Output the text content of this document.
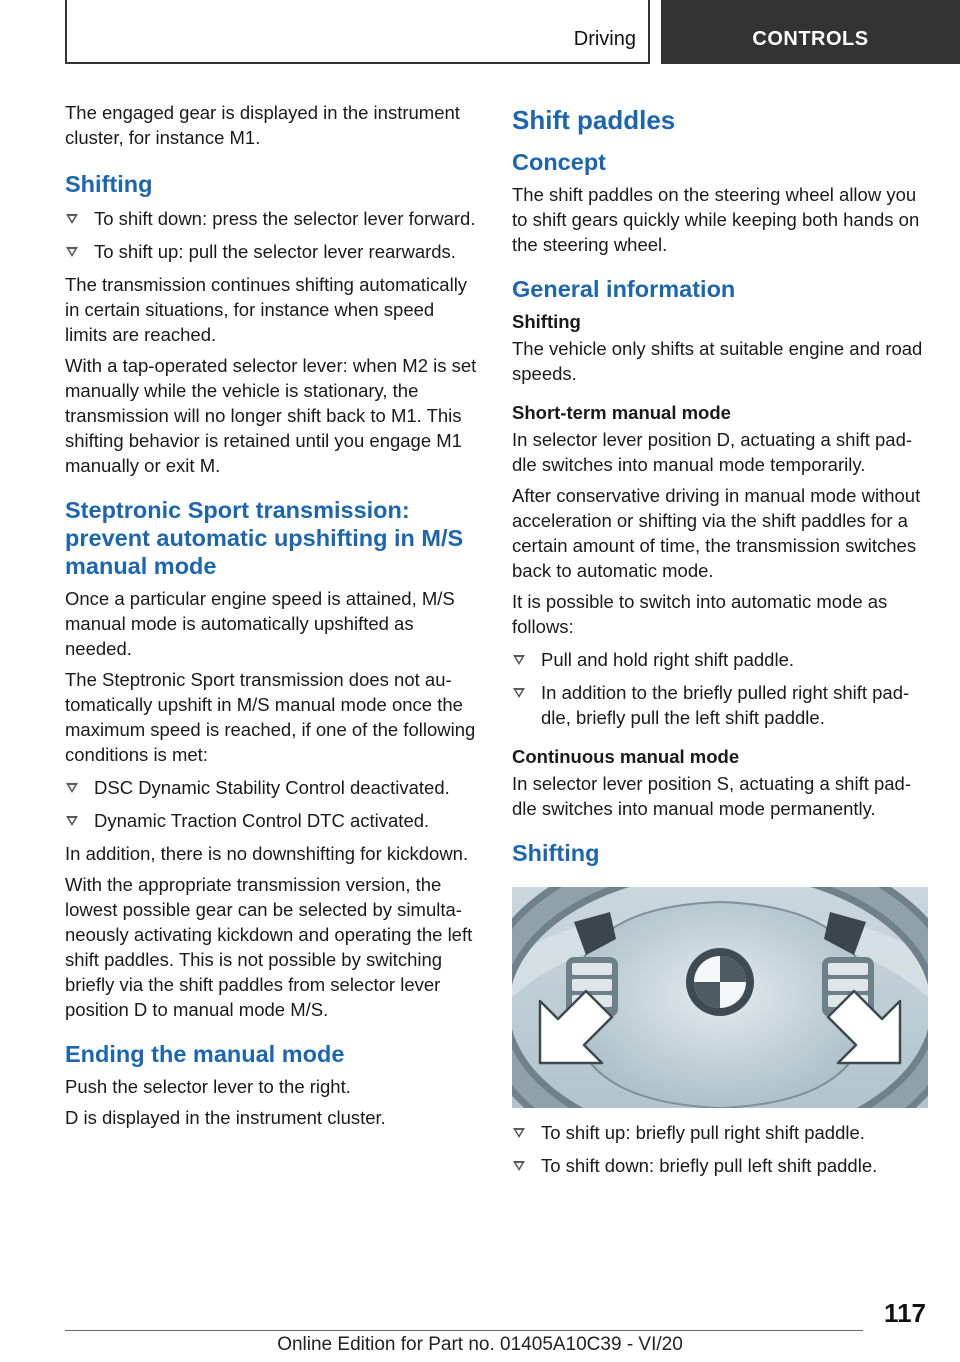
Driving	CONTROLS

The engaged gear is displayed in the instrument cluster, for instance M1.

Shifting
To shift down: press the selector lever forward.
To shift up: pull the selector lever rearwards.

The transmission continues shifting automatically in certain situations, for instance when speed limits are reached.

With a tap-operated selector lever: when M2 is set manually while the vehicle is stationary, the transmission will no longer shift back to M1. This shifting behavior is retained until you engage M1 manually or exit M.

Steptronic Sport transmission: prevent automatic upshifting in M/S manual mode

Once a particular engine speed is attained, M/S manual mode is automatically upshifted as needed.

The Steptronic Sport transmission does not automatically upshift in M/S manual mode once the maximum speed is reached, if one of the following conditions is met:

DSC Dynamic Stability Control deactivated.
Dynamic Traction Control DTC activated.

In addition, there is no downshifting for kickdown.

With the appropriate transmission version, the lowest possible gear can be selected by simultaneously activating kickdown and operating the left shift paddles. This is not possible by switching briefly via the shift paddles from selector lever position D to manual mode M/S.

Ending the manual mode

Push the selector lever to the right.

D is displayed in the instrument cluster.

Shift paddles
Concept

The shift paddles on the steering wheel allow you to shift gears quickly while keeping both hands on the steering wheel.

General information
Shifting

The vehicle only shifts at suitable engine and road speeds.

Short-term manual mode

In selector lever position D, actuating a shift paddle switches into manual mode temporarily.

After conservative driving in manual mode without acceleration or shifting via the shift paddles for a certain amount of time, the transmission switches back to automatic mode.

It is possible to switch into automatic mode as follows:

Pull and hold right shift paddle.
In addition to the briefly pulled right shift paddle, briefly pull the left shift paddle.
Continuous manual mode

In selector lever position S, actuating a shift paddle switches into manual mode permanently.

Shifting
To shift up: briefly pull right shift paddle.
To shift down: briefly pull left shift paddle.
117
Online Edition for Part no. 01405A10C39 - VI/20
